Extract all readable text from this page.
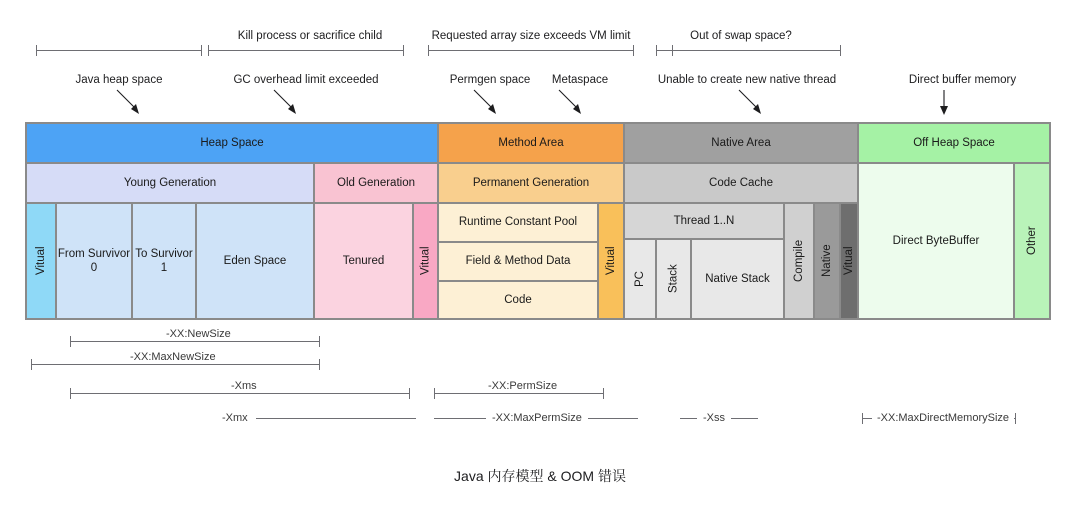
Java heap space
Kill process or sacrifice child
GC overhead limit exceeded
Requested array size exceeds VM limit
Permgen space	Metaspace
Out of swap space?
Unable to create new native thread	Direct buffer memory
Heap Space	Method Area	Native Area	Off Heap Space
Young Generation	Old Generation	Permanent Generation	Code Cache
Vitual From Survivor 0
To Survivor 1
Eden Space	Tenured	Vitual
Runtime Constant Pool
Field & Method Data
Code
Vitual
Thread 1..N
PC	Stack	Native Stack	Compile	Native Vitual
Direct ByteBuffer	Other
-XX:NewSize
-XX:MaxNewSize
-Xms
-Xmx
-XX:PermSize
-XX:MaxPermSize	-Xss	-XX:MaxDirectMemorySize
Java 内存模型 & OOM 错误
